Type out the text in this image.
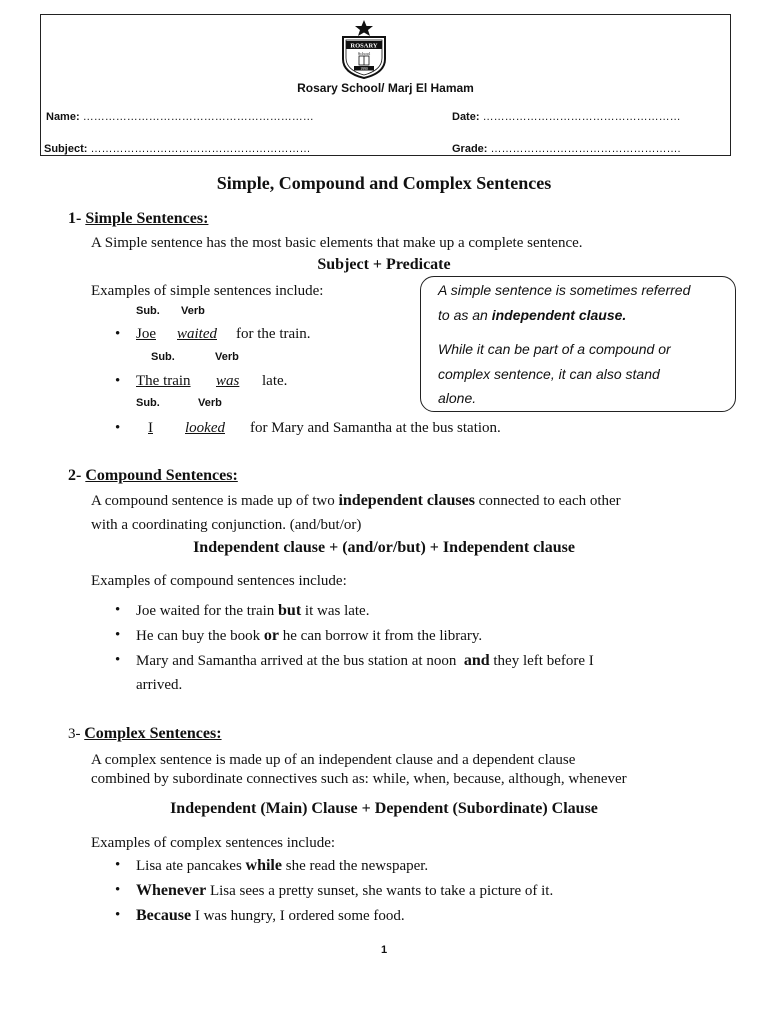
ROSARY
School
1990
Rosary School/ Marj El Hamam
Name: ………………………………………………………	Date: ………………………………………………
Subject: ……………………………………………………	Grade: …………………………………………….
Simple, Compound and Complex Sentences
1- Simple Sentences:
A Simple sentence has the most basic elements that make up a complete sentence.
Subject + Predicate
Examples of simple sentences include:
Sub. Verb
• Joe waited for the train.
Sub.	Verb
• The train was late.
Sub.	Verb
• I looked for Mary and Samantha at the bus station.
A simple sentence is sometimes referred
to as an independent clause.
While it can be part of a compound or
complex sentence, it can also stand
alone.
2- Compound Sentences:
A compound sentence is made up of two independent clauses connected to each other
with a coordinating conjunction. (and/but/or)
Independent clause + (and/or/but) + Independent clause
Examples of compound sentences include:
• Joe waited for the train but it was late.
• He can buy the book or he can borrow it from the library.
• Mary and Samantha arrived at the bus station at noon  and they left before I
arrived.
3- Complex Sentences:
A complex sentence is made up of an independent clause and a dependent clause
combined by subordinate connectives such as: while, when, because, although, whenever
Independent (Main) Clause + Dependent (Subordinate) Clause
Examples of complex sentences include:
• Lisa ate pancakes while she read the newspaper.
• Whenever Lisa sees a pretty sunset, she wants to take a picture of it.
• Because I was hungry, I ordered some food.
1
